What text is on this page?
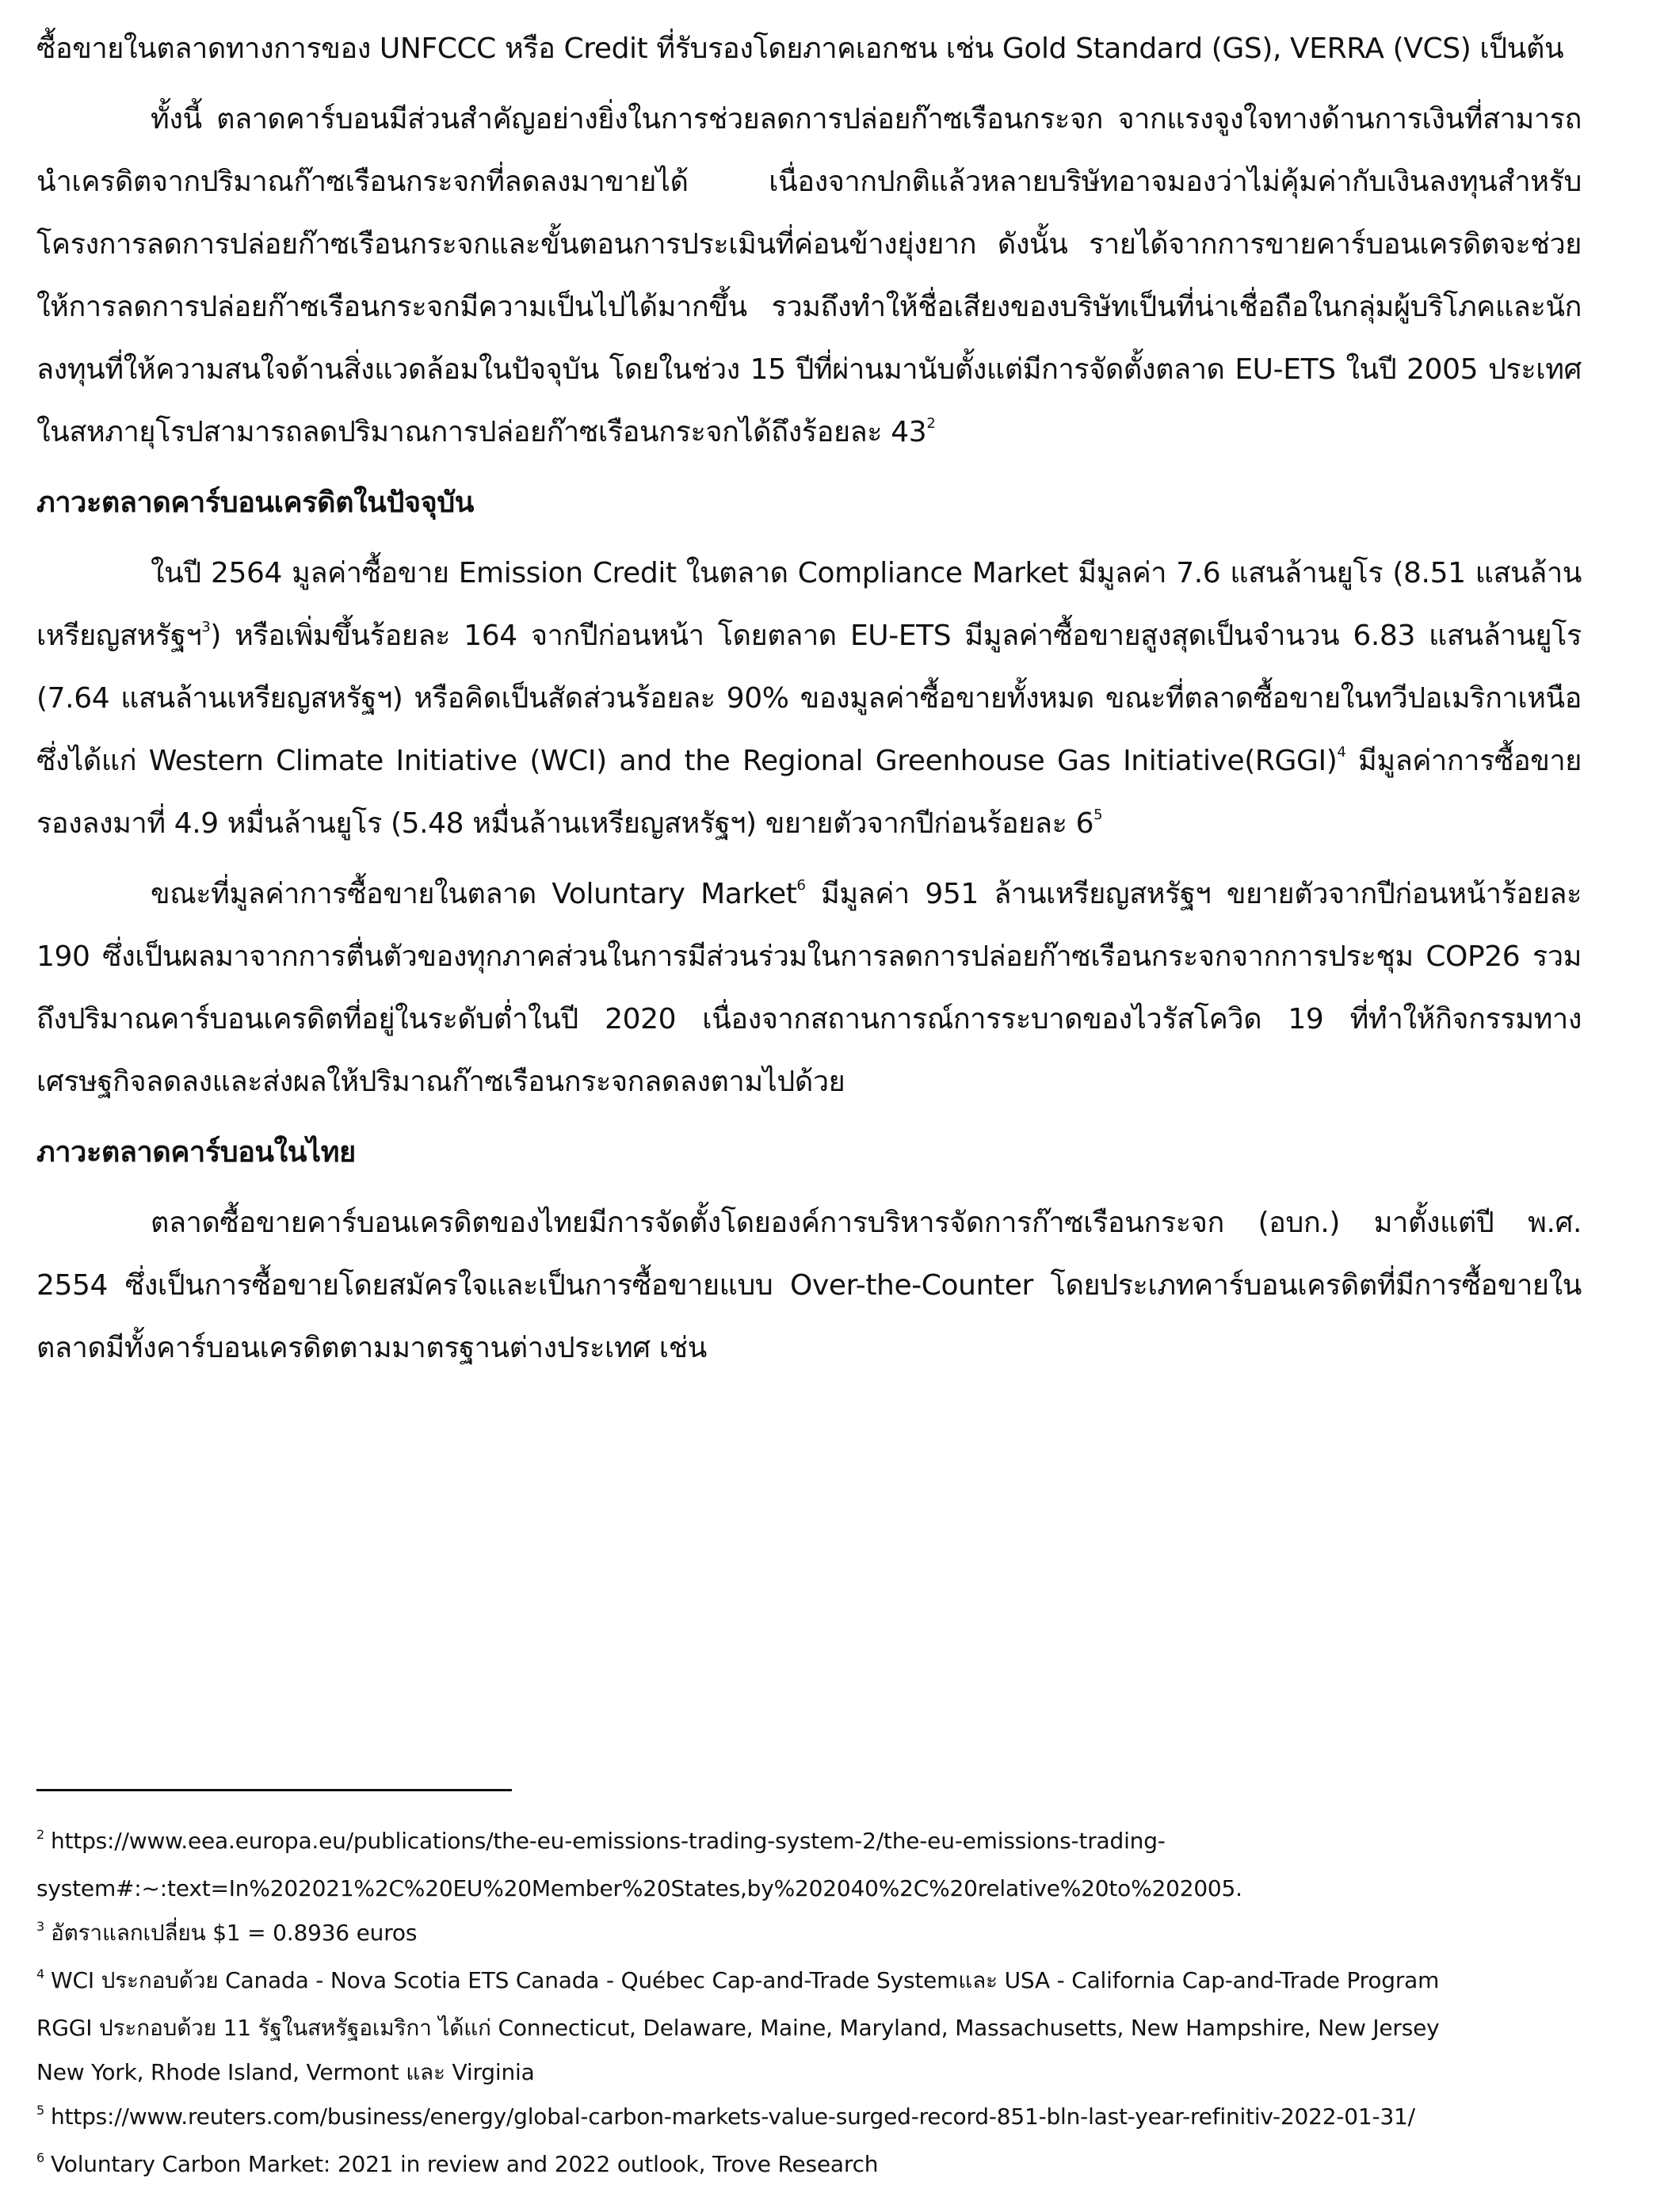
ซื้อขายในตลาดทางการของ UNFCCC หรือ Credit ที่รับรองโดยภาคเอกชน เช่น Gold Standard (GS), VERRA (VCS) เป็นต้น

ทั้งนี้ ตลาดคาร์บอนมีส่วนสำคัญอย่างยิ่งในการช่วยลดการปล่อยก๊าซเรือนกระจก จากแรงจูงใจทางด้านการเงินที่สามารถนำเครดิตจากปริมาณก๊าซเรือนกระจกที่ลดลงมาขายได้ เนื่องจากปกติแล้วหลายบริษัทอาจมองว่าไม่คุ้มค่ากับเงินลงทุนสำหรับโครงการลดการปล่อยก๊าซเรือนกระจกและขั้นตอนการประเมินที่ค่อนข้างยุ่งยาก ดังนั้น รายได้จากการขายคาร์บอนเครดิตจะช่วยให้การลดการปล่อยก๊าซเรือนกระจกมีความเป็นไปได้มากขึ้น รวมถึงทำให้ชื่อเสียงของบริษัทเป็นที่น่าเชื่อถือในกลุ่มผู้บริโภคและนักลงทุนที่ให้ความสนใจด้านสิ่งแวดล้อมในปัจจุบัน โดยในช่วง 15 ปีที่ผ่านมานับตั้งแต่มีการจัดตั้งตลาด EU-ETS ในปี 2005 ประเทศในสหภายุโรปสามารถลดปริมาณการปล่อยก๊าซเรือนกระจกได้ถึงร้อยละ $43^2$

ภาวะตลาดคาร์บอนเครดิตในปัจจุบัน

ในปี 2564 มูลค่าซื้อขาย Emission Credit ในตลาด Compliance Market มีมูลค่า 7.6 แสนล้านยูโร (8.51 แสนล้านเหรียญสหรัฐฯ$^3$) หรือเพิ่มขึ้นร้อยละ 164 จากปีก่อนหน้า โดยตลาด EU-ETS มีมูลค่าซื้อขายสูงสุดเป็นจำนวน 6.83 แสนล้านยูโร (7.64 แสนล้านเหรียญสหรัฐฯ) หรือคิดเป็นสัดส่วนร้อยละ 90% ของมูลค่าซื้อขายทั้งหมด ขณะที่ตลาดซื้อขายในทวีปอเมริกาเหนือ ซึ่งได้แก่ Western Climate Initiative (WCI) and the Regional Greenhouse Gas Initiative(RGGI)$^4$ มีมูลค่าการซื้อขายรองลงมาที่ 4.9 หมื่นล้านยูโร (5.48 หมื่นล้านเหรียญสหรัฐฯ) ขยายตัวจากปีก่อนร้อยละ $6^5$

ขณะที่มูลค่าการซื้อขายในตลาด Voluntary Market$^6$ มีมูลค่า 951 ล้านเหรียญสหรัฐฯ ขยายตัวจากปีก่อนหน้าร้อยละ 190 ซึ่งเป็นผลมาจากการตื่นตัวของทุกภาคส่วนในการมีส่วนร่วมในการลดการปล่อยก๊าซเรือนกระจกจากการประชุม COP26 รวมถึงปริมาณคาร์บอนเครดิตที่อยู่ในระดับต่ำในปี 2020 เนื่องจากสถานการณ์การระบาดของไวรัสโควิด 19 ที่ทำให้กิจกรรมทางเศรษฐกิจลดลงและส่งผลให้ปริมาณก๊าซเรือนกระจกลดลงตามไปด้วย

ภาวะตลาดคาร์บอนในไทย

ตลาดซื้อขายคาร์บอนเครดิตของไทยมีการจัดตั้งโดยองค์การบริหารจัดการก๊าซเรือนกระจก (อบก.) มาตั้งแต่ปี พ.ศ. 2554 ซึ่งเป็นการซื้อขายโดยสมัครใจและเป็นการซื้อขายแบบ Over-the-Counter โดยประเภทคาร์บอนเครดิตที่มีการซื้อขายในตลาดมีทั้งคาร์บอนเครดิตตามมาตรฐานต่างประเทศ เช่น

$^2$ https://www.eea.europa.eu/publications/the-eu-emissions-trading-system-2/the-eu-emissions-trading-

system#:~:text=In%202021%2C%20EU%20Member%20States,by%202040%2C%20relative%20to%202005.

$^3$ อัตราแลกเปลี่ยน $1 = 0.8936 euros

$^4$ WCI ประกอบด้วย Canada - Nova Scotia ETS Canada - Québec Cap-and-Trade Systemและ USA - California Cap-and-Trade Program

RGGI ประกอบด้วย 11 รัฐในสหรัฐอเมริกา ได้แก่ Connecticut, Delaware, Maine, Maryland, Massachusetts, New Hampshire, New Jersey

New York, Rhode Island, Vermont และ Virginia

$^5$ https://www.reuters.com/business/energy/global-carbon-markets-value-surged-record-851-bln-last-year-refinitiv-2022-01-31/

$^6$ Voluntary Carbon Market: 2021 in review and 2022 outlook, Trove Research
